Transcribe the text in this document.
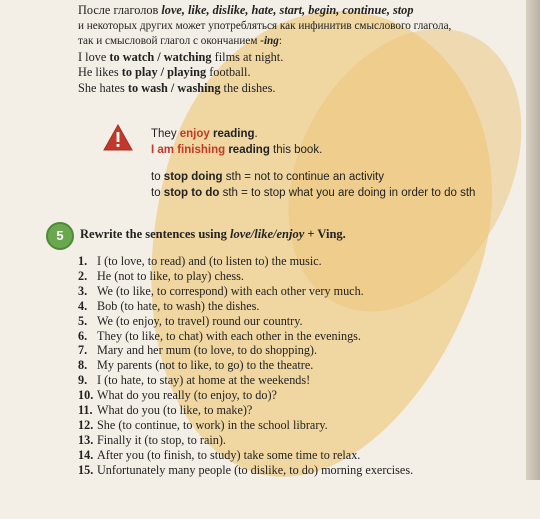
После глаголов love, like, dislike, hate, start, begin, continue, stop
и некоторых других может употребляться как инфинитив смыслового глагола,
так и смысловой глагол с окончанием -ing:
I love to watch / watching films at night.
He likes to play / playing football.
She hates to wash / washing the dishes.
They enjoy reading.
I am finishing reading this book.
to stop doing sth = not to continue an activity
to stop to do sth = to stop what you are doing in order to do sth
5	Rewrite the sentences using love/like/enjoy + Ving.
1. I (to love, to read) and (to listen to) the music.
2. He (not to like, to play) chess.
3. We (to like, to correspond) with each other very much.
4. Bob (to hate, to wash) the dishes.
5. We (to enjoy, to travel) round our country.
6. They (to like, to chat) with each other in the evenings.
7. Mary and her mum (to love, to do shopping).
8. My parents (not to like, to go) to the theatre.
9. I (to hate, to stay) at home at the weekends!
10. What do you really (to enjoy, to do)?
11. What do you (to like, to make)?
12. She (to continue, to work) in the school library.
13. Finally it (to stop, to rain).
14. After you (to finish, to study) take some time to relax.
15. Unfortunately many people (to dislike, to do) morning exercises.
